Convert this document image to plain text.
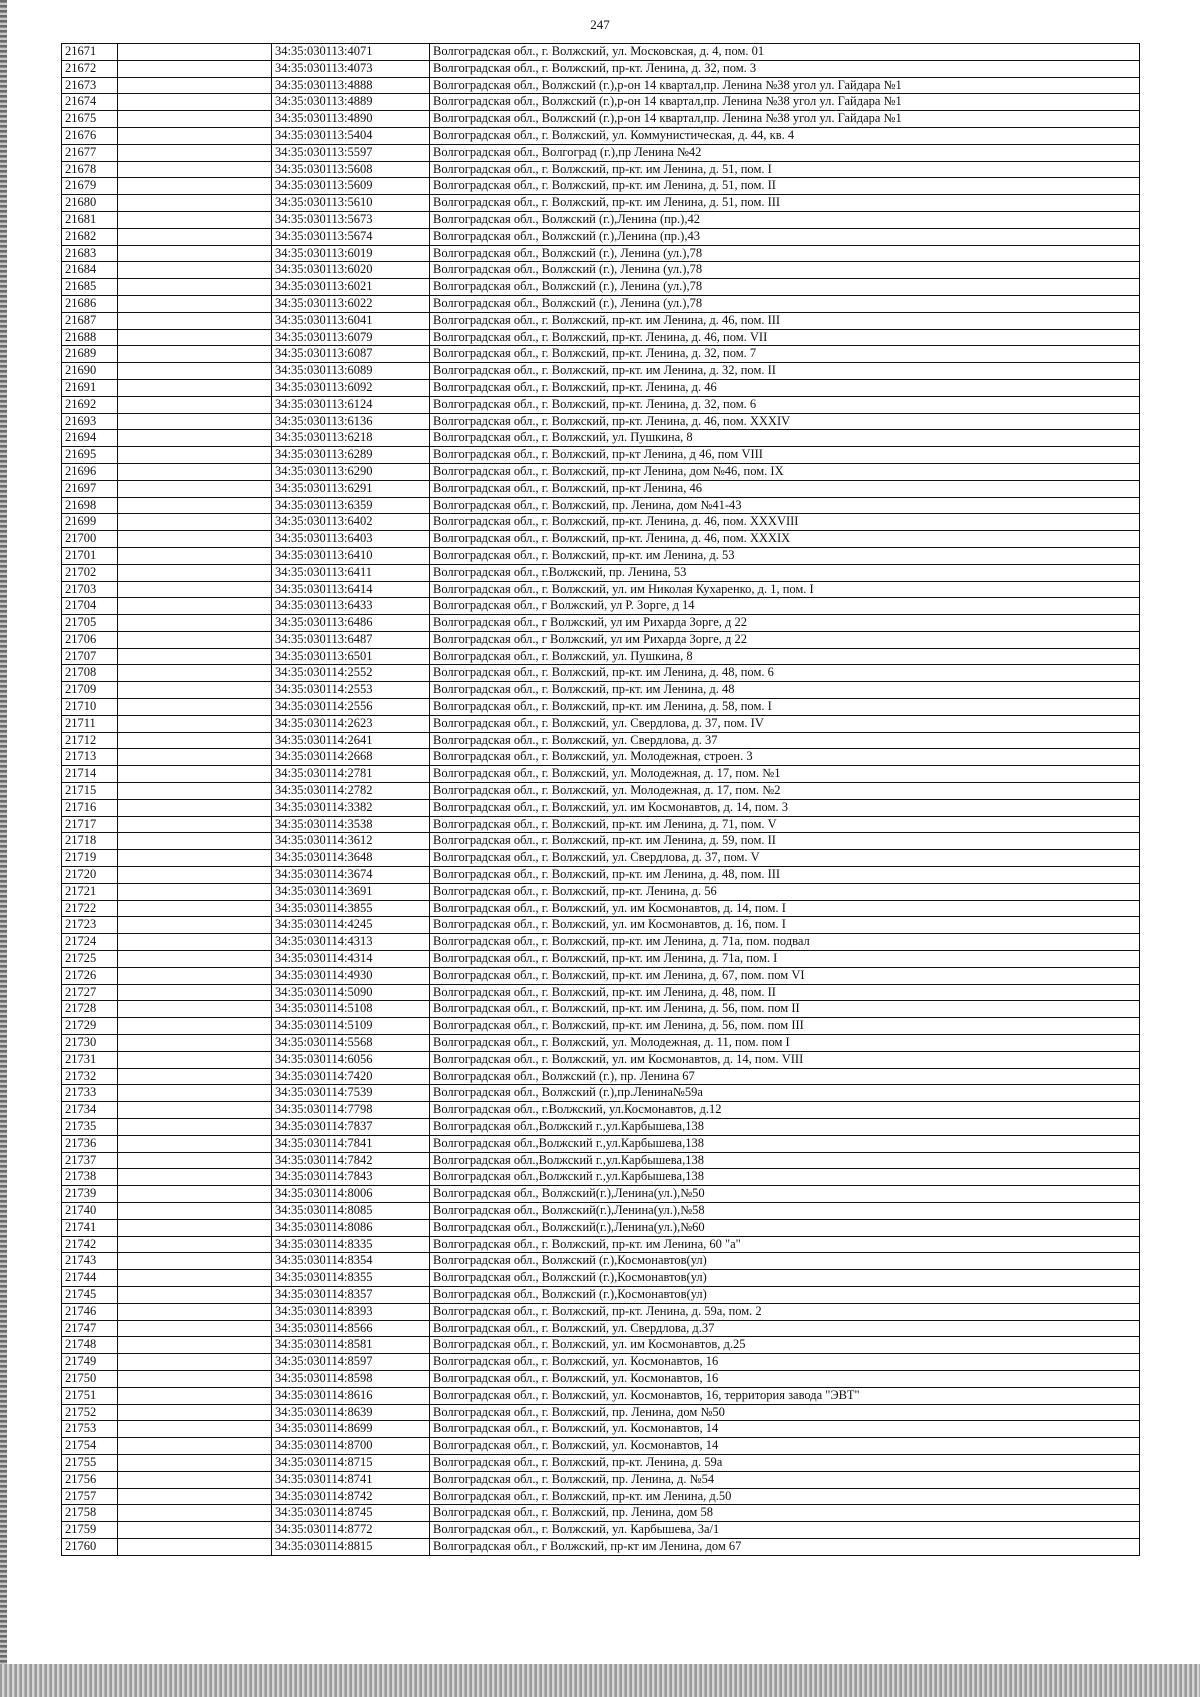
247
21671		34:35:030113:4071	Волгоградская обл., г. Волжский, ул. Московская, д. 4, пом. 01
21672		34:35:030113:4073	Волгоградская обл., г. Волжский, пр-кт. Ленина, д. 32, пом. 3
21673		34:35:030113:4888	Волгоградская обл., Волжский (г.),р-он 14 квартал,пр. Ленина №38 угол ул. Гайдара №1
21674		34:35:030113:4889	Волгоградская обл., Волжский (г.),р-он 14 квартал,пр. Ленина №38 угол ул. Гайдара №1
21675		34:35:030113:4890	Волгоградская обл., Волжский (г.),р-он 14 квартал,пр. Ленина №38 угол ул. Гайдара №1
21676		34:35:030113:5404	Волгоградская обл., г. Волжский, ул. Коммунистическая, д. 44, кв. 4
21677		34:35:030113:5597	Волгоградская обл., Волгоград (г.),пр Ленина №42
21678		34:35:030113:5608	Волгоградская обл., г. Волжский, пр-кт. им Ленина, д. 51, пом. I
21679		34:35:030113:5609	Волгоградская обл., г. Волжский, пр-кт. им Ленина, д. 51, пом. II
21680		34:35:030113:5610	Волгоградская обл., г. Волжский, пр-кт. им Ленина, д. 51, пом. III
21681		34:35:030113:5673	Волгоградская обл., Волжский (г.),Ленина (пр.),42
21682		34:35:030113:5674	Волгоградская обл., Волжский (г.),Ленина (пр.),43
21683		34:35:030113:6019	Волгоградская обл., Волжский (г.), Ленина (ул.),78
21684		34:35:030113:6020	Волгоградская обл., Волжский (г.), Ленина (ул.),78
21685		34:35:030113:6021	Волгоградская обл., Волжский (г.), Ленина (ул.),78
21686		34:35:030113:6022	Волгоградская обл., Волжский (г.), Ленина (ул.),78
21687		34:35:030113:6041	Волгоградская обл., г. Волжский, пр-кт. им Ленина, д. 46, пом. III
21688		34:35:030113:6079	Волгоградская обл., г. Волжский, пр-кт. Ленина, д. 46, пом. VII
21689		34:35:030113:6087	Волгоградская обл., г. Волжский, пр-кт. Ленина, д. 32, пом. 7
21690		34:35:030113:6089	Волгоградская обл., г. Волжский, пр-кт. им Ленина, д. 32, пом. II
21691		34:35:030113:6092	Волгоградская обл., г. Волжский, пр-кт. Ленина, д. 46
21692		34:35:030113:6124	Волгоградская обл., г. Волжский, пр-кт. Ленина, д. 32, пом. 6
21693		34:35:030113:6136	Волгоградская обл., г. Волжский, пр-кт. Ленина, д. 46, пом. XXXIV
21694		34:35:030113:6218	Волгоградская обл., г. Волжский, ул. Пушкина, 8
21695		34:35:030113:6289	Волгоградская обл., г. Волжский, пр-кт Ленина, д 46, пом VIII
21696		34:35:030113:6290	Волгоградская обл., г. Волжский, пр-кт Ленина, дом №46, пом. IX
21697		34:35:030113:6291	Волгоградская обл., г. Волжский, пр-кт Ленина, 46
21698		34:35:030113:6359	Волгоградская обл., г. Волжский, пр. Ленина, дом №41-43
21699		34:35:030113:6402	Волгоградская обл., г. Волжский, пр-кт. Ленина, д. 46, пом. XXXVIII
21700		34:35:030113:6403	Волгоградская обл., г. Волжский, пр-кт. Ленина, д. 46, пом. XXXIX
21701		34:35:030113:6410	Волгоградская обл., г. Волжский, пр-кт. им Ленина, д. 53
21702		34:35:030113:6411	Волгоградская обл., г.Волжский, пр. Ленина, 53
21703		34:35:030113:6414	Волгоградская обл., г. Волжский, ул. им Николая Кухаренко, д. 1, пом. I
21704		34:35:030113:6433	Волгоградская обл., г Волжский, ул Р. Зорге, д 14
21705		34:35:030113:6486	Волгоградская обл., г Волжский, ул им Рихарда Зорге, д 22
21706		34:35:030113:6487	Волгоградская обл., г Волжский, ул им Рихарда Зорге, д 22
21707		34:35:030113:6501	Волгоградская обл., г. Волжский, ул. Пушкина, 8
21708		34:35:030114:2552	Волгоградская обл., г. Волжский, пр-кт. им Ленина, д. 48, пом. 6
21709		34:35:030114:2553	Волгоградская обл., г. Волжский, пр-кт. им Ленина, д. 48
21710		34:35:030114:2556	Волгоградская обл., г. Волжский, пр-кт. им Ленина, д. 58, пом. I
21711		34:35:030114:2623	Волгоградская обл., г. Волжский, ул. Свердлова, д. 37, пом. IV
21712		34:35:030114:2641	Волгоградская обл., г. Волжский, ул. Свердлова, д. 37
21713		34:35:030114:2668	Волгоградская обл., г. Волжский, ул. Молодежная, строен. 3
21714		34:35:030114:2781	Волгоградская обл., г. Волжский, ул. Молодежная, д. 17, пом. №1
21715		34:35:030114:2782	Волгоградская обл., г. Волжский, ул. Молодежная, д. 17, пом. №2
21716		34:35:030114:3382	Волгоградская обл., г. Волжский, ул. им Космонавтов, д. 14, пом. 3
21717		34:35:030114:3538	Волгоградская обл., г. Волжский, пр-кт. им Ленина, д. 71, пом. V
21718		34:35:030114:3612	Волгоградская обл., г. Волжский, пр-кт. им Ленина, д. 59, пом. II
21719		34:35:030114:3648	Волгоградская обл., г. Волжский, ул. Свердлова, д. 37, пом. V
21720		34:35:030114:3674	Волгоградская обл., г. Волжский, пр-кт. им Ленина, д. 48, пом. III
21721		34:35:030114:3691	Волгоградская обл., г. Волжский, пр-кт. Ленина, д. 56
21722		34:35:030114:3855	Волгоградская обл., г. Волжский, ул. им Космонавтов, д. 14, пом. I
21723		34:35:030114:4245	Волгоградская обл., г. Волжский, ул. им Космонавтов, д. 16, пом. I
21724		34:35:030114:4313	Волгоградская обл., г. Волжский, пр-кт. им Ленина, д. 71а, пом. подвал
21725		34:35:030114:4314	Волгоградская обл., г. Волжский, пр-кт. им Ленина, д. 71а, пом. I
21726		34:35:030114:4930	Волгоградская обл., г. Волжский, пр-кт. им Ленина, д. 67, пом. пом VI
21727		34:35:030114:5090	Волгоградская обл., г. Волжский, пр-кт. им Ленина, д. 48, пом. II
21728		34:35:030114:5108	Волгоградская обл., г. Волжский, пр-кт. им Ленина, д. 56, пом. пом II
21729		34:35:030114:5109	Волгоградская обл., г. Волжский, пр-кт. им Ленина, д. 56, пом. пом III
21730		34:35:030114:5568	Волгоградская обл., г. Волжский, ул. Молодежная, д. 11, пом. пом I
21731		34:35:030114:6056	Волгоградская обл., г. Волжский, ул. им Космонавтов, д. 14, пом. VIII
21732		34:35:030114:7420	Волгоградская обл., Волжский (г.), пр. Ленина 67
21733		34:35:030114:7539	Волгоградская обл., Волжский (г.),пр.Ленина№59а
21734		34:35:030114:7798	Волгоградская обл., г.Волжский, ул.Космонавтов, д.12
21735		34:35:030114:7837	Волгоградская обл.,Волжский г.,ул.Карбышева,138
21736		34:35:030114:7841	Волгоградская обл.,Волжский г.,ул.Карбышева,138
21737		34:35:030114:7842	Волгоградская обл.,Волжский г.,ул.Карбышева,138
21738		34:35:030114:7843	Волгоградская обл.,Волжский г.,ул.Карбышева,138
21739		34:35:030114:8006	Волгоградская обл., Волжский(г.),Ленина(ул.),№50
21740		34:35:030114:8085	Волгоградская обл., Волжский(г.),Ленина(ул.),№58
21741		34:35:030114:8086	Волгоградская обл., Волжский(г.),Ленина(ул.),№60
21742		34:35:030114:8335	Волгоградская обл., г. Волжский, пр-кт. им Ленина, 60 "а"
21743		34:35:030114:8354	Волгоградская обл., Волжский (г.),Космонавтов(ул)
21744		34:35:030114:8355	Волгоградская обл., Волжский (г.),Космонавтов(ул)
21745		34:35:030114:8357	Волгоградская обл., Волжский (г.),Космонавтов(ул)
21746		34:35:030114:8393	Волгоградская обл., г. Волжский, пр-кт. Ленина, д. 59а, пом. 2
21747		34:35:030114:8566	Волгоградская обл., г. Волжский, ул. Свердлова, д.37
21748		34:35:030114:8581	Волгоградская обл., г. Волжский, ул. им Космонавтов, д.25
21749		34:35:030114:8597	Волгоградская обл., г. Волжский, ул. Космонавтов, 16
21750		34:35:030114:8598	Волгоградская обл., г. Волжский, ул. Космонавтов, 16
21751		34:35:030114:8616	Волгоградская обл., г. Волжский, ул. Космонавтов, 16, территория завода "ЭВТ"
21752		34:35:030114:8639	Волгоградская обл., г. Волжский, пр. Ленина, дом №50
21753		34:35:030114:8699	Волгоградская обл., г. Волжский, ул. Космонавтов, 14
21754		34:35:030114:8700	Волгоградская обл., г. Волжский, ул. Космонавтов, 14
21755		34:35:030114:8715	Волгоградская обл., г. Волжский, пр-кт. Ленина, д. 59а
21756		34:35:030114:8741	Волгоградская обл., г. Волжский, пр. Ленина, д. №54
21757		34:35:030114:8742	Волгоградская обл., г. Волжский, пр-кт. им Ленина, д.50
21758		34:35:030114:8745	Волгоградская обл., г. Волжский, пр. Ленина, дом 58
21759		34:35:030114:8772	Волгоградская обл., г. Волжский, ул. Карбышева, 3а/1
21760		34:35:030114:8815	Волгоградская обл., г Волжский, пр-кт им Ленина, дом 67
